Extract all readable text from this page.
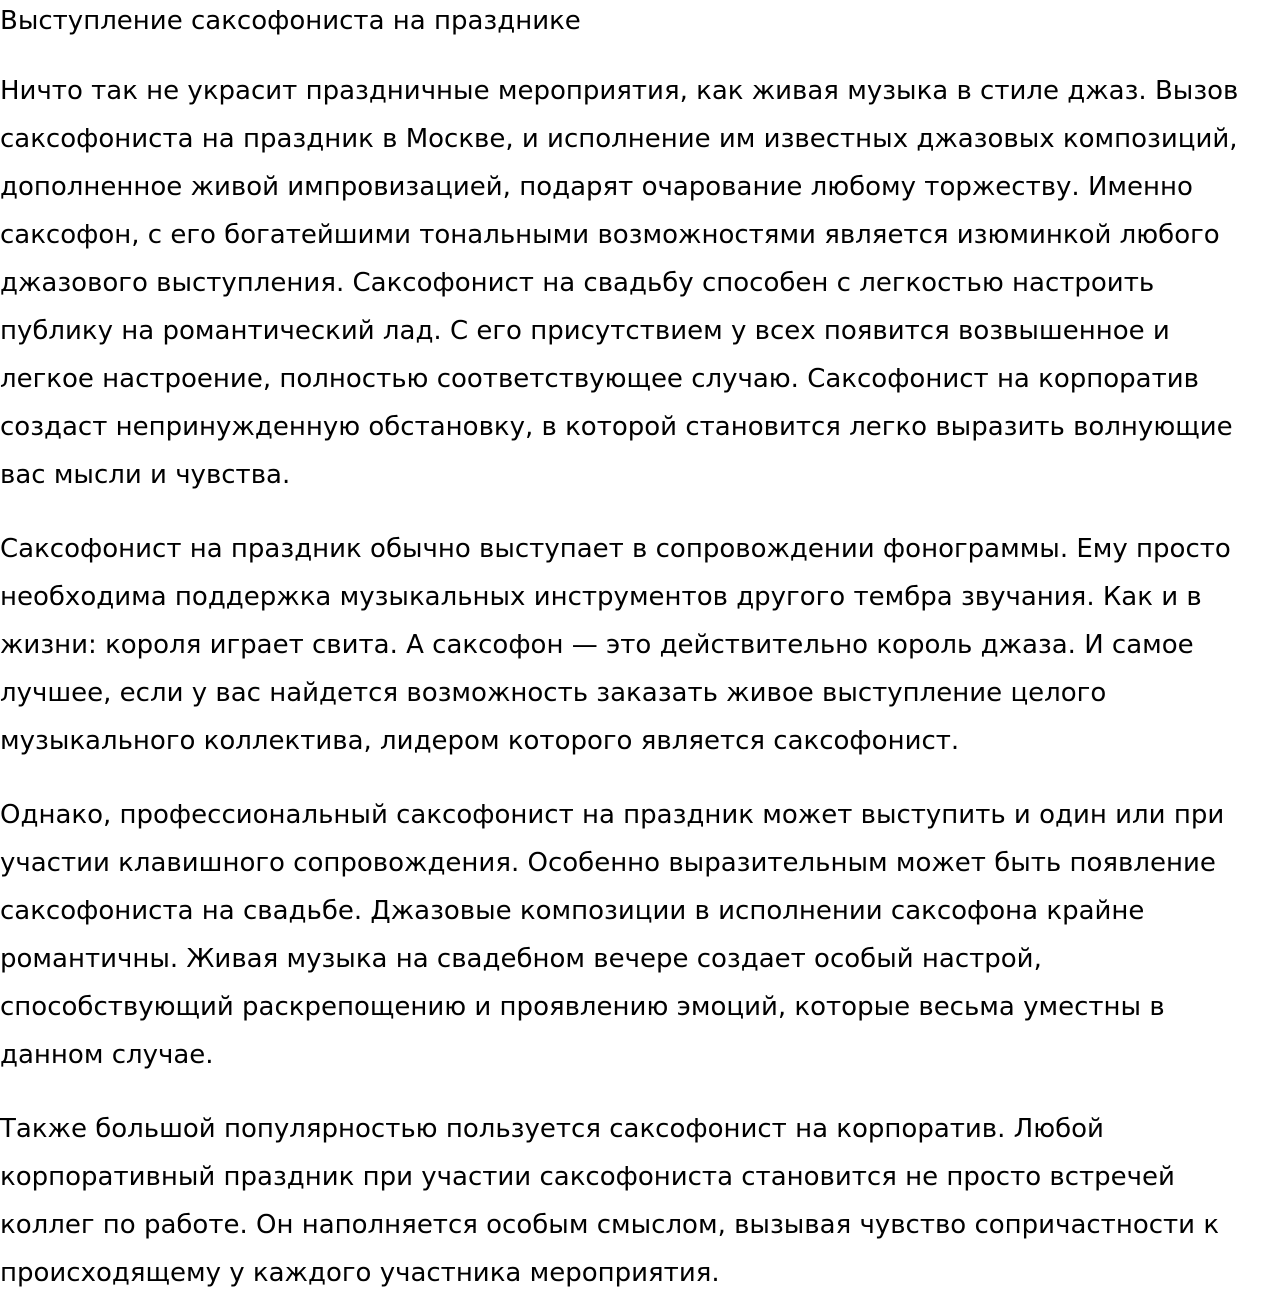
Выступление саксофониста на празднике

Ничто так не украсит праздничные мероприятия, как живая музыка в стиле джаз. Вызов саксофониста на праздник в Москве, и исполнение им известных джазовых композиций, дополненное живой импровизацией, подарят очарование любому торжеству. Именно саксофон, с его богатейшими тональными возможностями является изюминкой любого джазового выступления. Саксофонист на свадьбу способен с легкостью настроить публику на романтический лад. С его присутствием у всех появится возвышенное и легкое настроение, полностью соответствующее случаю. Саксофонист на корпоратив создаст непринужденную обстановку, в которой становится легко выразить волнующие вас мысли и чувства.

Саксофонист на праздник обычно выступает в сопровождении фонограммы. Ему просто необходима поддержка музыкальных инструментов другого тембра звучания. Как и в жизни: короля играет свита. А саксофон — это действительно король джаза. И самое лучшее, если у вас найдется возможность заказать живое выступление целого музыкального коллектива, лидером которого является саксофонист.

Однако, профессиональный саксофонист на праздник может выступить и один или при участии клавишного сопровождения. Особенно выразительным может быть появление саксофониста на свадьбе. Джазовые композиции в исполнении саксофона крайне романтичны. Живая музыка на свадебном вечере создает особый настрой, способствующий раскрепощению и проявлению эмоций, которые весьма уместны в данном случае.

Также большой популярностью пользуется саксофонист на корпоратив. Любой корпоративный праздник при участии саксофониста становится не просто встречей коллег по работе. Он наполняется особым смыслом, вызывая чувство сопричастности к происходящему у каждого участника мероприятия.
